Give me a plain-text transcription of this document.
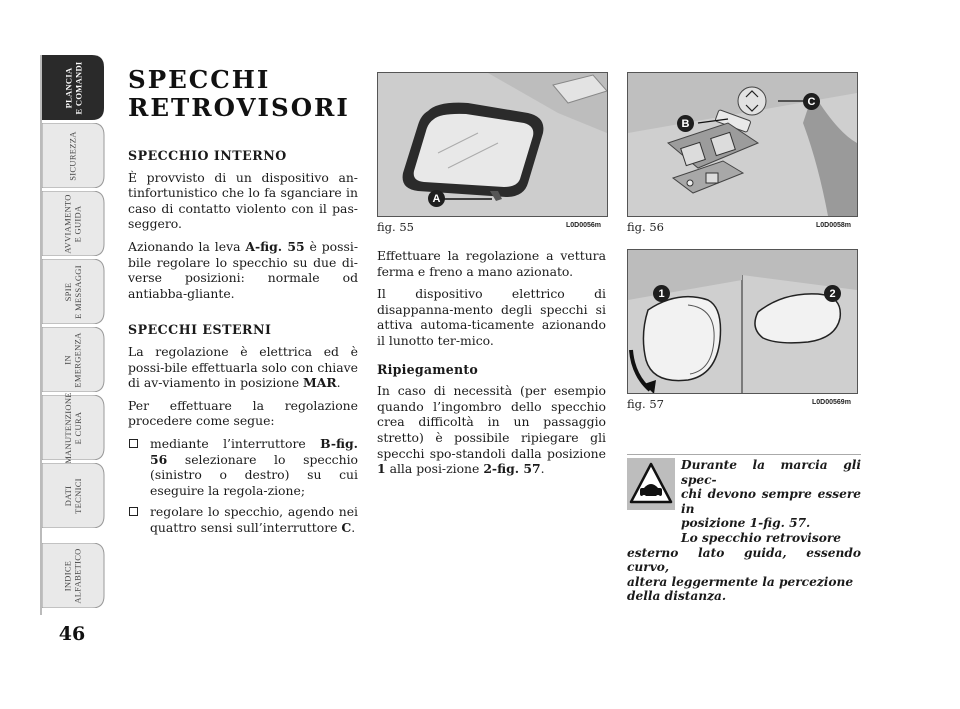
PLANCIA
E COMANDI
SICUREZZA
AVVIAMENTO
E GUIDA
SPIE
E MESSAGGI
IN
EMERGENZA
MANUTENZIONE
E CURA
DATI
TECNICI
INDICE
ALFABETICO
46
SPECCHI
RETROVISORI
SPECCHIO INTERNO

È provvisto di un dispositivo an-tinfortunistico che lo fa sganciare in caso di contatto violento con il pas-seggero.

Azionando la leva A-fig. 55 è possi-bile regolare lo specchio su due di-verse posizioni: normale od antiabba-gliante.

SPECCHI ESTERNI

La regolazione è elettrica ed è possi-bile effettuarla solo con chiave di av-viamento in posizione MAR.

Per effettuare la regolazione procedere come segue:

mediante l’interruttore B-fig. 56 selezionare lo specchio (sinistro o destro) su cui eseguire la regola-zione;
regolare lo specchio, agendo nei quattro sensi sull’interruttore C.
A
fig. 55	L0D0056m
B
C
fig. 56	L0D0058m
1	2
fig. 57	L0D00569m

Effettuare la regolazione a vettura ferma e freno a mano azionato.

Il dispositivo elettrico di disappanna-mento degli specchi si attiva automa-ticamente azionando il lunotto ter-mico.

Ripiegamento

In caso di necessità (per esempio quando l’ingombro dello specchio crea difficoltà in un passaggio stretto) è possibile ripiegare gli specchi spo-standoli dalla posizione 1 alla posi-zione 2-fig. 57.	Durante la marcia gli spec-
chi devono sempre essere in
posizione 1-fig. 57.
Lo specchio retrovisore
esterno lato guida, essendo curvo,
altera leggermente la percezione
della distanza.
